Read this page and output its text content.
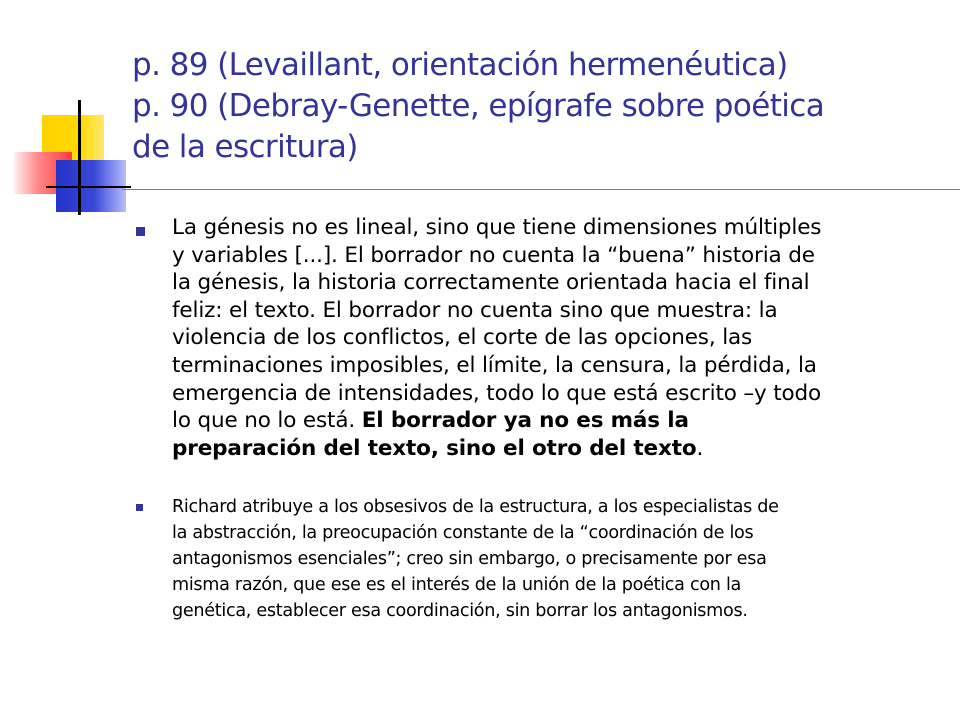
p. 89 (Levaillant, orientación hermenéutica)
p. 90 (Debray-Genette, epígrafe sobre poética
de la escritura)
La génesis no es lineal, sino que tiene dimensiones múltiples
y variables [...]. El borrador no cuenta la “buena” historia de
la génesis, la historia correctamente orientada hacia el final
feliz: el texto. El borrador no cuenta sino que muestra: la
violencia de los conflictos, el corte de las opciones, las
terminaciones imposibles, el límite, la censura, la pérdida, la
emergencia de intensidades, todo lo que está escrito –y todo
lo que no lo está. El borrador ya no es más la
preparación del texto, sino el otro del texto.
Richard atribuye a los obsesivos de la estructura, a los especialistas de
la abstracción, la preocupación constante de la “coordinación de los
antagonismos esenciales”; creo sin embargo, o precisamente por esa
misma razón, que ese es el interés de la unión de la poética con la
genética, establecer esa coordinación, sin borrar los antagonismos.
